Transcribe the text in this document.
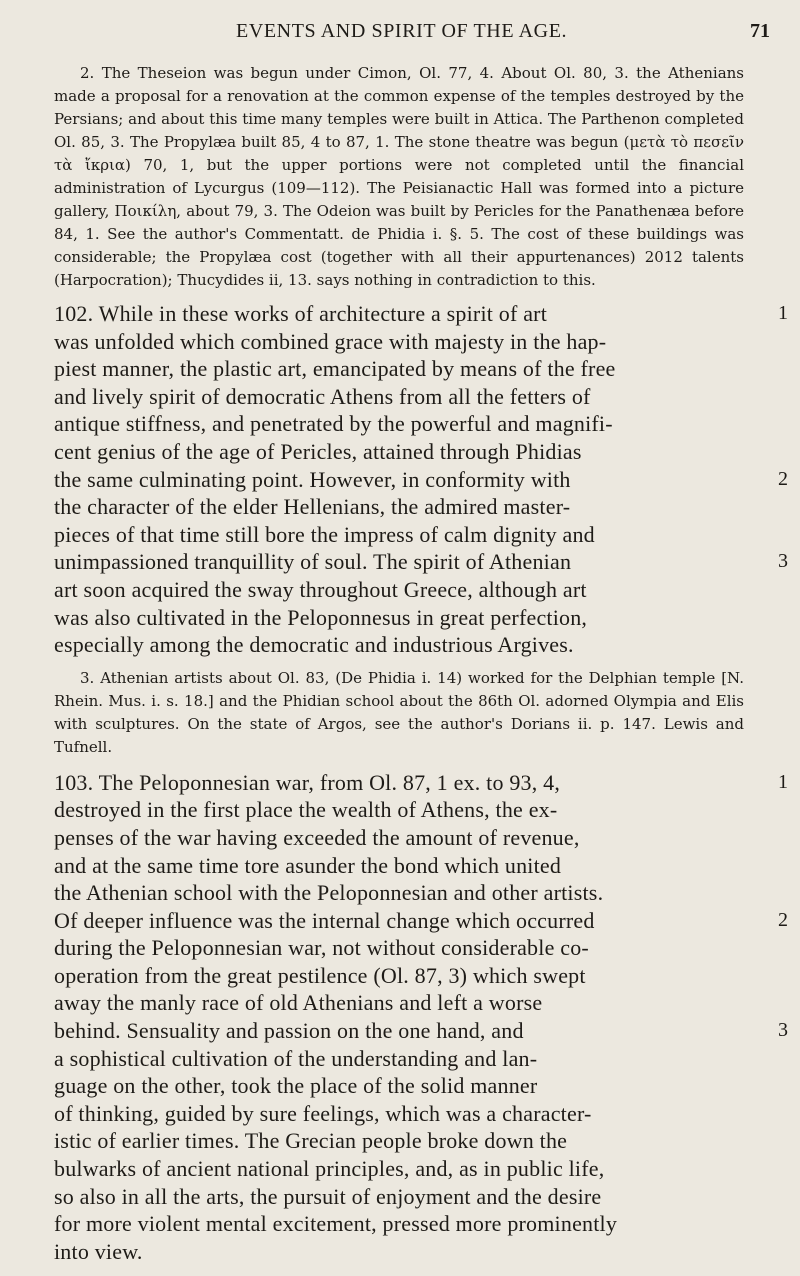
EVENTS AND SPIRIT OF THE AGE.	71

2. The Theseion was begun under Cimon, Ol. 77, 4. About Ol. 80, 3. the Athenians made a proposal for a renovation at the common expense of the temples destroyed by the Persians; and about this time many temples were built in Attica. The Parthenon completed Ol. 85, 3. The Propylæa built 85, 4 to 87, 1. The stone theatre was begun (μετὰ τὸ πεσεῖν τὰ ἴκρια) 70, 1, but the upper portions were not completed until the financial administration of Lycurgus (109—112). The Peisianactic Hall was formed into a picture gallery, Ποικίλη, about 79, 3. The Odeion was built by Pericles for the Panathenæa before 84, 1. See the author's Commentatt. de Phidia i. §. 5. The cost of these buildings was considerable; the Propylæa cost (together with all their appurtenances) 2012 talents (Harpocration); Thucydides ii, 13. says nothing in contradiction to this.

102. While in these works of architecture a spirit of art	1
was unfolded which combined grace with majesty in the hap-
piest manner, the plastic art, emancipated by means of the free
and lively spirit of democratic Athens from all the fetters of
antique stiffness, and penetrated by the powerful and magnifi-
cent genius of the age of Pericles, attained through Phidias
the same culminating point. However, in conformity with	2
the character of the elder Hellenians, the admired master-
pieces of that time still bore the impress of calm dignity and
unimpassioned tranquillity of soul. The spirit of Athenian	3
art soon acquired the sway throughout Greece, although art
was also cultivated in the Peloponnesus in great perfection,
especially among the democratic and industrious Argives.

3. Athenian artists about Ol. 83, (De Phidia i. 14) worked for the Delphian temple [N. Rhein. Mus. i. s. 18.] and the Phidian school about the 86th Ol. adorned Olympia and Elis with sculptures. On the state of Argos, see the author's Dorians ii. p. 147. Lewis and Tufnell.

103. The Peloponnesian war, from Ol. 87, 1 ex. to 93, 4,	1
destroyed in the first place the wealth of Athens, the ex-
penses of the war having exceeded the amount of revenue,
and at the same time tore asunder the bond which united
the Athenian school with the Peloponnesian and other artists.
Of deeper influence was the internal change which occurred	2
during the Peloponnesian war, not without considerable co-
operation from the great pestilence (Ol. 87, 3) which swept
away the manly race of old Athenians and left a worse
behind. Sensuality and passion on the one hand, and	3
a sophistical cultivation of the understanding and lan-
guage on the other, took the place of the solid manner
of thinking, guided by sure feelings, which was a character-
istic of earlier times. The Grecian people broke down the
bulwarks of ancient national principles, and, as in public life,
so also in all the arts, the pursuit of enjoyment and the desire
for more violent mental excitement, pressed more prominently
into view.
